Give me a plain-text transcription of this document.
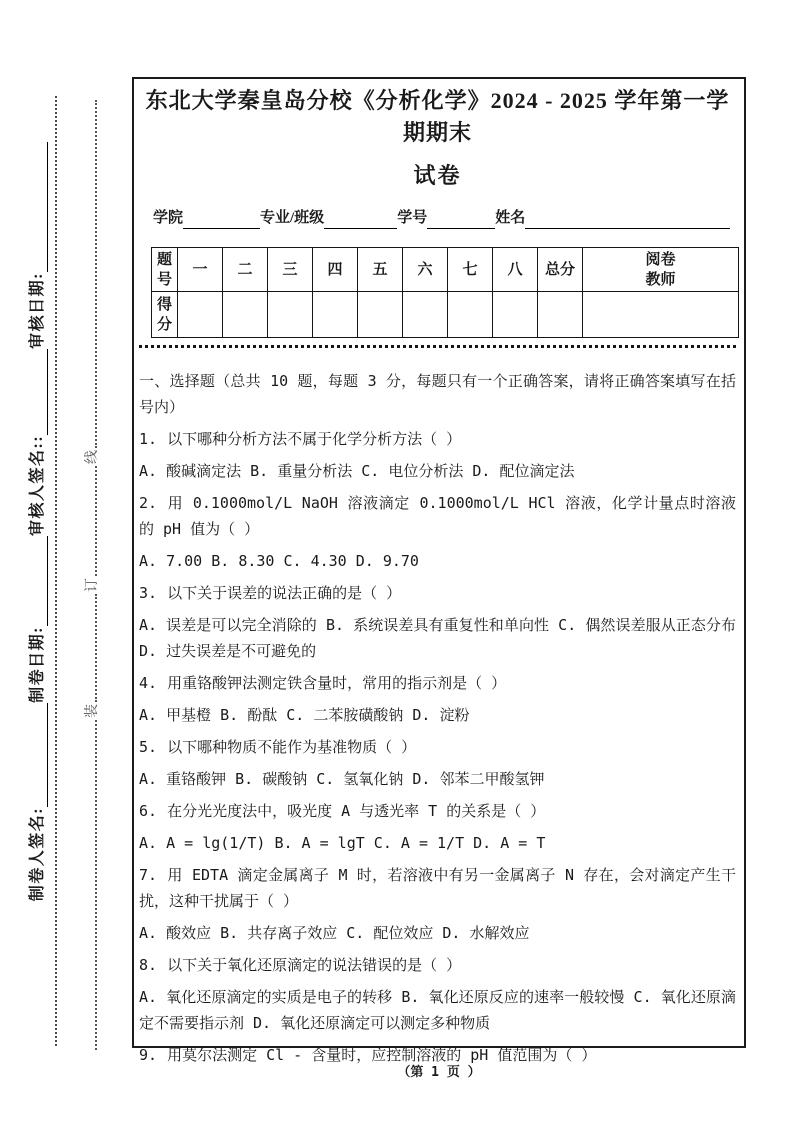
审核日期:
审核人签名::
制卷日期:
制卷人签名:
线
订
装
东北大学秦皇岛分校《分析化学》2024 - 2025 学年第一学期期末
试卷
学院	专业/班级	学号	姓名
题号	一	二	三	四	五	六	七	八	总分	阅卷
教师
得分										

一、选择题（总共 10 题，每题 3 分，每题只有一个正确答案，请将正确答案填写在括号内）

1. 以下哪种分析方法不属于化学分析方法（ ）

A. 酸碱滴定法 B. 重量分析法 C. 电位分析法 D. 配位滴定法

2. 用 0.1000mol/L NaOH 溶液滴定 0.1000mol/L HCl 溶液，化学计量点时溶液的 pH 值为（ ）

A. 7.00 B. 8.30 C. 4.30 D. 9.70

3. 以下关于误差的说法正确的是（ ）

A. 误差是可以完全消除的 B. 系统误差具有重复性和单向性 C. 偶然误差服从正态分布 D. 过失误差是不可避免的

4. 用重铬酸钾法测定铁含量时，常用的指示剂是（ ）

A. 甲基橙 B. 酚酞 C. 二苯胺磺酸钠 D. 淀粉

5. 以下哪种物质不能作为基准物质（ ）

A. 重铬酸钾 B. 碳酸钠 C. 氢氧化钠 D. 邻苯二甲酸氢钾

6. 在分光光度法中，吸光度 A 与透光率 T 的关系是（ ）

A. A = lg(1/T) B. A = lgT C. A = 1/T D. A = T

7. 用 EDTA 滴定金属离子 M 时，若溶液中有另一金属离子 N 存在，会对滴定产生干扰，这种干扰属于（ ）

A. 酸效应 B. 共存离子效应 C. 配位效应 D. 水解效应

8. 以下关于氧化还原滴定的说法错误的是（ ）

A. 氧化还原滴定的实质是电子的转移 B. 氧化还原反应的速率一般较慢 C. 氧化还原滴定不需要指示剂 D. 氧化还原滴定可以测定多种物质

9. 用莫尔法测定 Cl - 含量时，应控制溶液的 pH 值范围为（ ）

（第 1 页 ）
